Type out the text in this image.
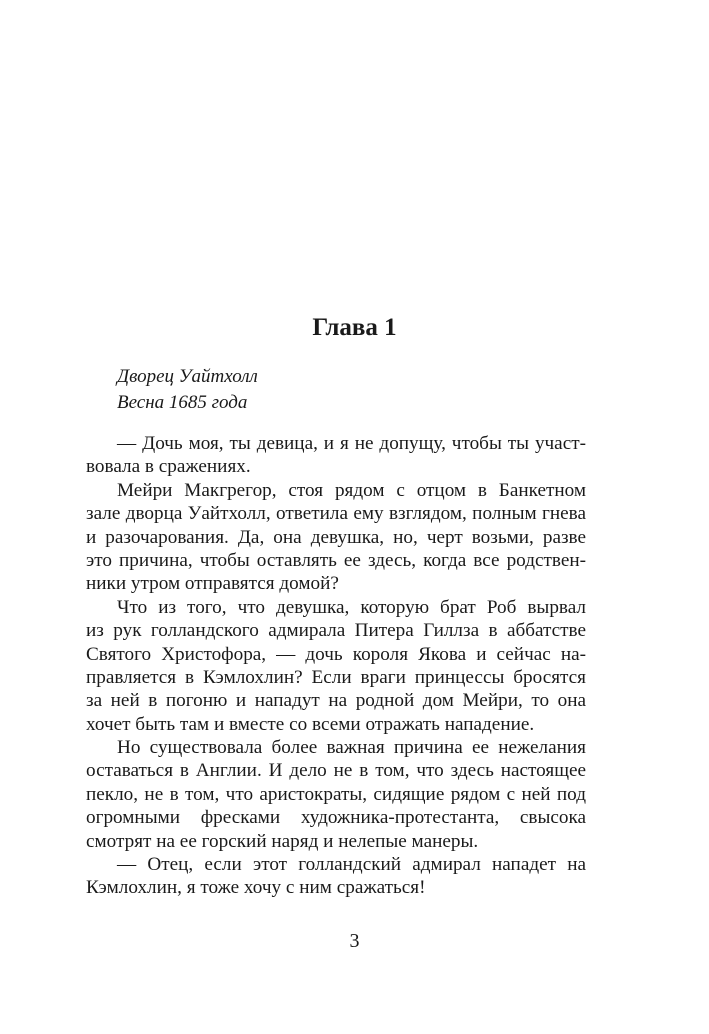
Глава 1
Дворец Уайтхолл
Весна 1685 года
— Дочь моя, ты девица, и я не допущу, чтобы ты участ-
вовала в сражениях.
Мейри Макгрегор, стоя рядом с отцом в Банкетном
зале дворца Уайтхолл, ответила ему взглядом, полным гнева
и разочарования. Да, она девушка, но, черт возьми, разве
это причина, чтобы оставлять ее здесь, когда все родствен-
ники утром отправятся домой?
Что из того, что девушка, которую брат Роб вырвал
из рук голландского адмирала Питера Гиллза в аббатстве
Святого Христофора, — дочь короля Якова и сейчас на-
правляется в Кэмлохлин? Если враги принцессы бросятся
за ней в погоню и нападут на родной дом Мейри, то она
хочет быть там и вместе со всеми отражать нападение.
Но существовала более важная причина ее нежелания
оставаться в Англии. И дело не в том, что здесь настоящее
пекло, не в том, что аристократы, сидящие рядом с ней под
огромными фресками художника-протестанта, свысока
смотрят на ее горский наряд и нелепые манеры.
— Отец, если этот голландский адмирал нападет на
Кэмлохлин, я тоже хочу с ним сражаться!
3
